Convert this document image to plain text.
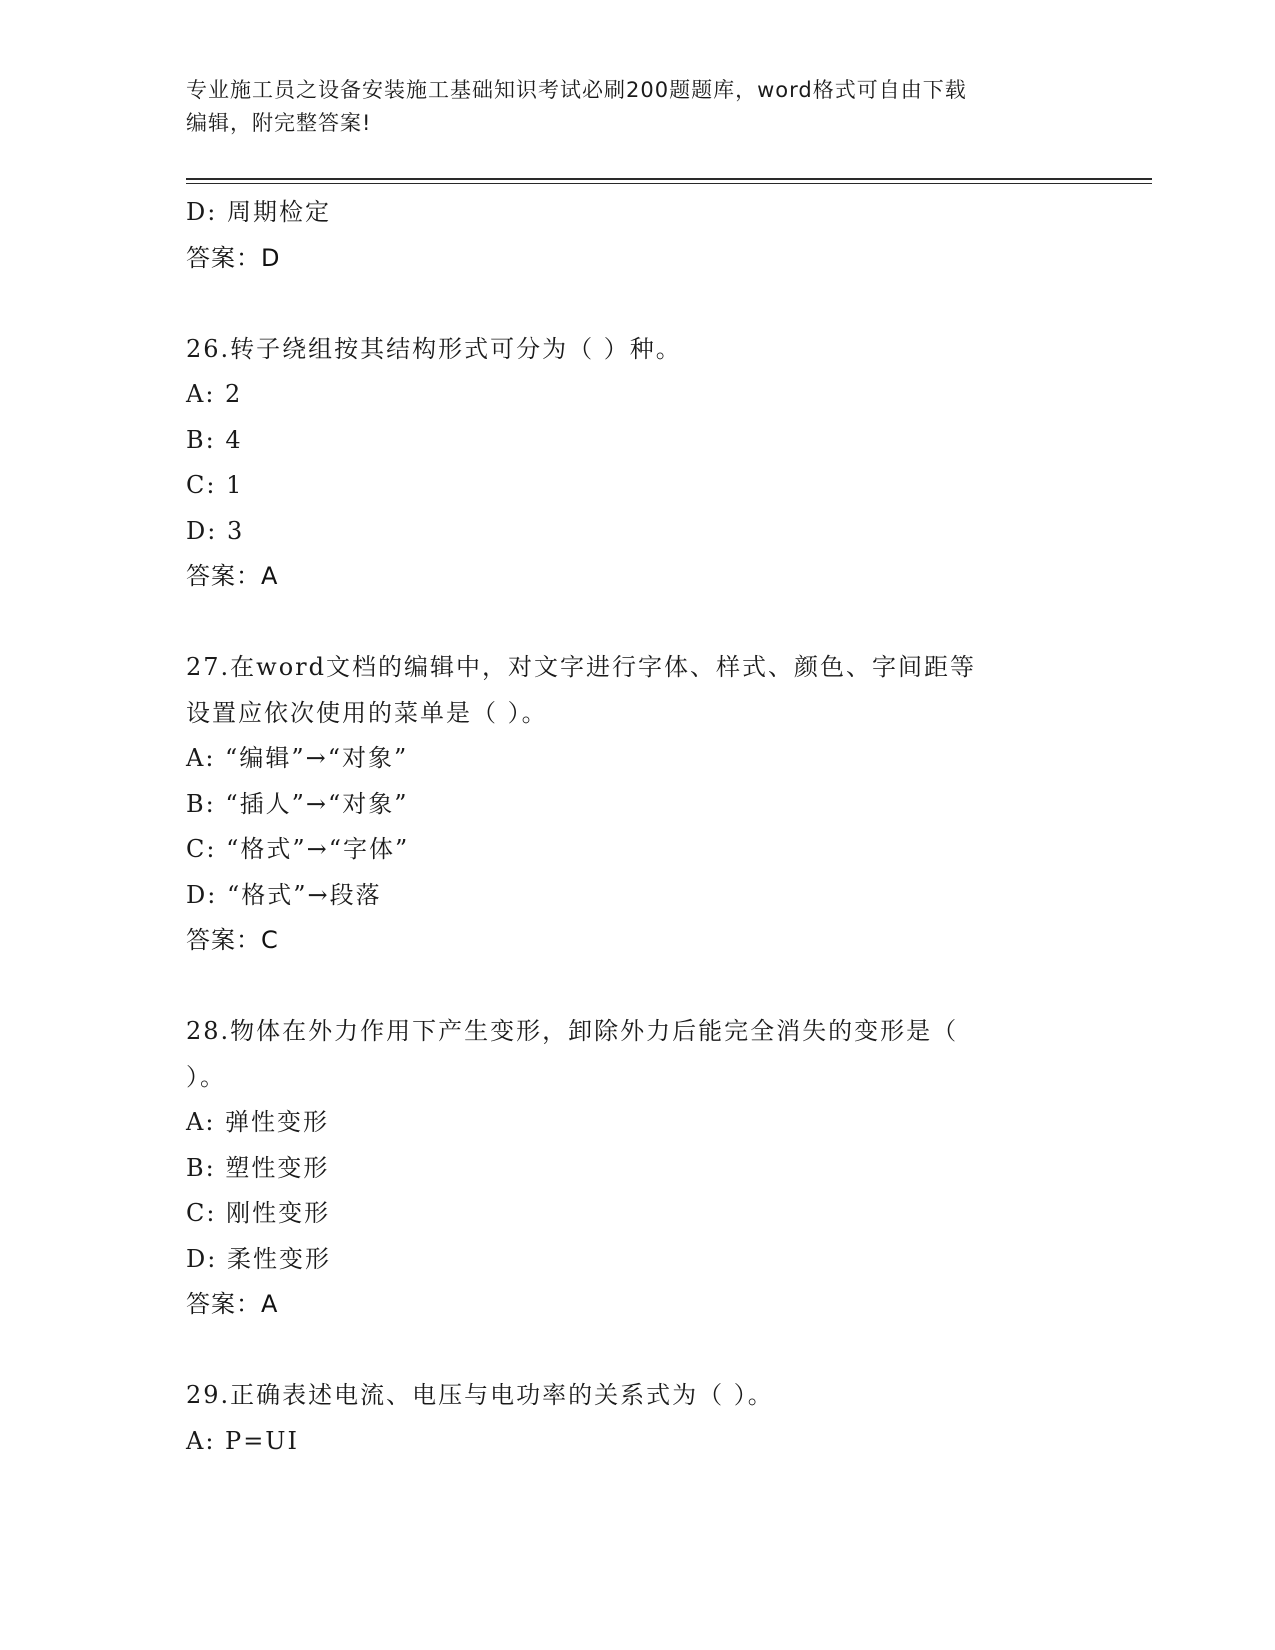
专业施工员之设备安装施工基础知识考试必刷200题题库，word格式可自由下载
编辑，附完整答案!
D: 周期检定
答案：D
26.转子绕组按其结构形式可分为（ ）种。
A: 2
B: 4
C: 1
D: 3
答案：A
27.在word文档的编辑中，对文字进行字体、样式、颜色、字间距等
设置应依次使用的菜单是（ ）。
A: “编辑”→“对象”
B: “插人”→“对象”
C: “格式”→“字体”
D: “格式”→段落
答案：C
28.物体在外力作用下产生变形，卸除外力后能完全消失的变形是（
）。
A: 弹性变形
B: 塑性变形
C: 刚性变形
D: 柔性变形
答案：A
29.正确表述电流、电压与电功率的关系式为（ ）。
A: P=UI
